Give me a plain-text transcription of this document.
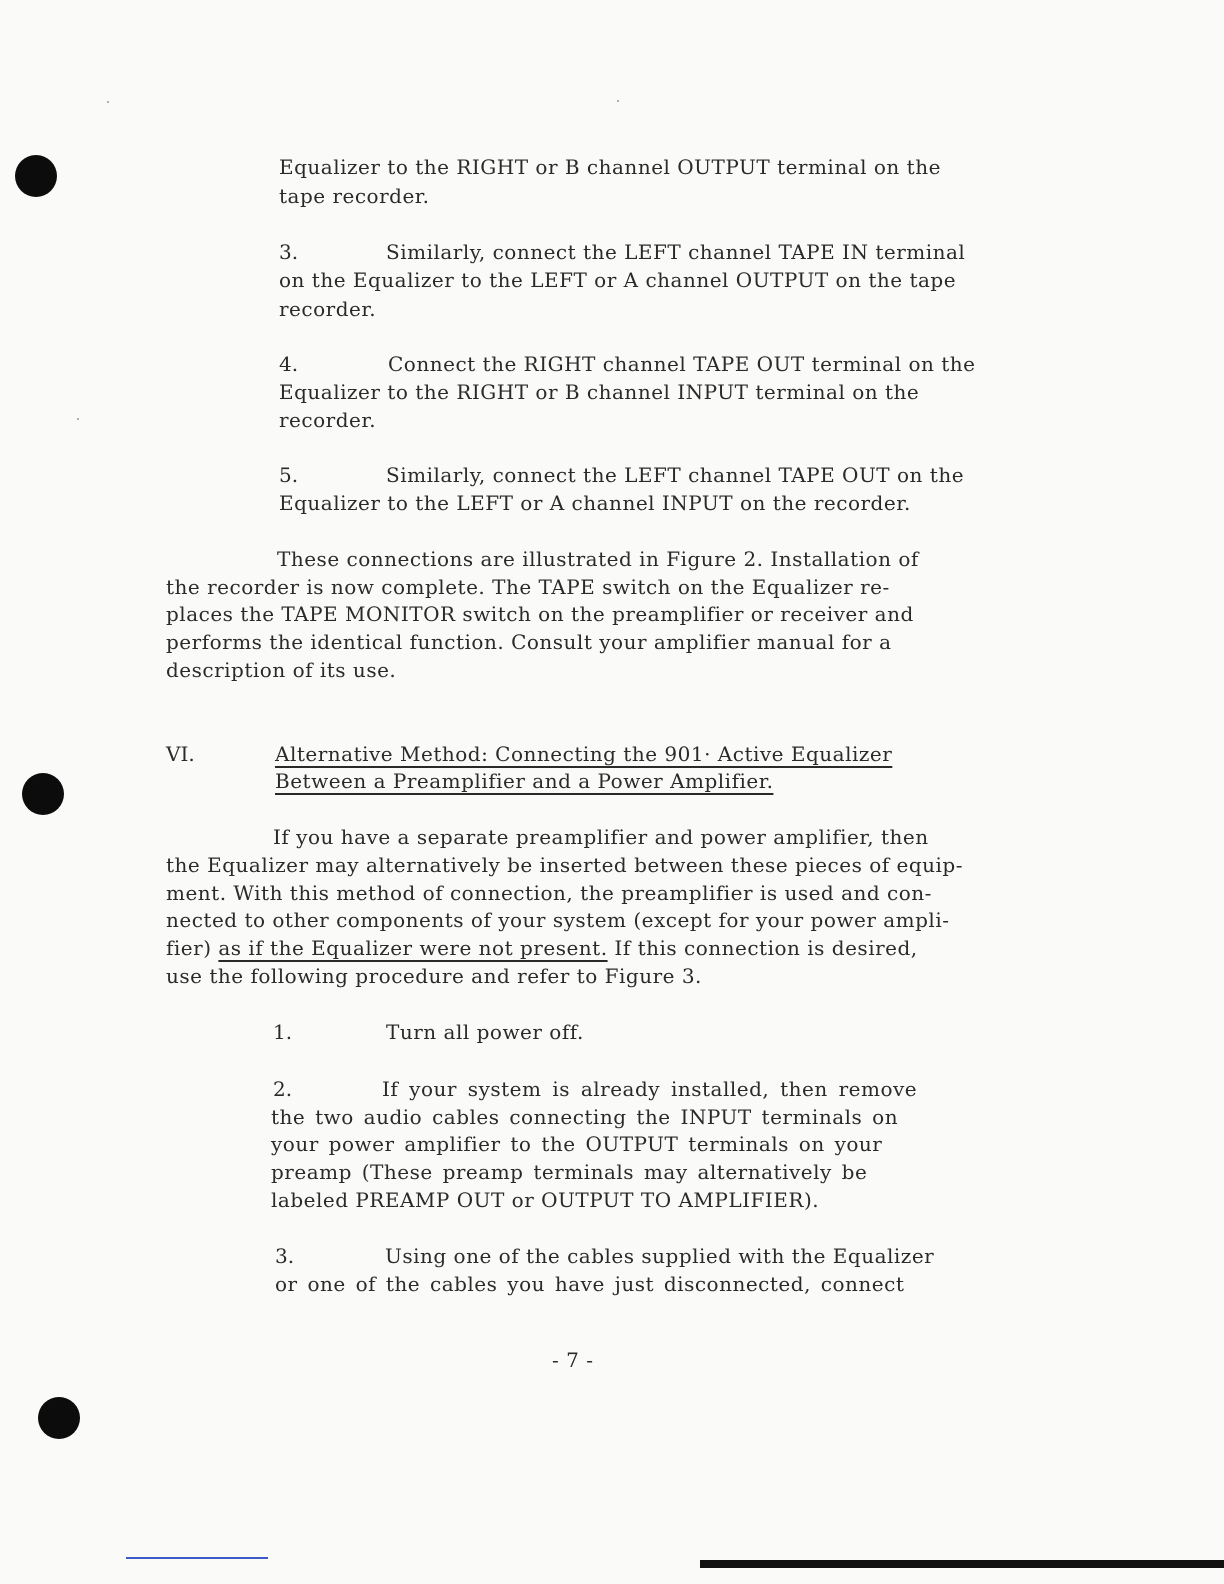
Equalizer to the RIGHT or B channel OUTPUT terminal on the
tape recorder.
3.	Similarly, connect the LEFT channel TAPE IN terminal
on the Equalizer to the LEFT or A channel OUTPUT on the tape
recorder.
4.	Connect the RIGHT channel TAPE OUT terminal on the
Equalizer to the RIGHT or B channel INPUT terminal on the
recorder.
5.	Similarly, connect the LEFT channel TAPE OUT on the
Equalizer to the LEFT or A channel INPUT on the recorder.
These connections are illustrated in Figure 2. Installation of
the recorder is now complete. The TAPE switch on the Equalizer re-
places the TAPE MONITOR switch on the preamplifier or receiver and
performs the identical function. Consult your amplifier manual for a
description of its use.
VI.	Alternative Method: Connecting the 901· Active Equalizer
Between a Preamplifier and a Power Amplifier.
If you have a separate preamplifier and power amplifier, then
the Equalizer may alternatively be inserted between these pieces of equip-
ment. With this method of connection, the preamplifier is used and con-
nected to other components of your system (except for your power ampli-
fier) as if the Equalizer were not present. If this connection is desired,
use the following procedure and refer to Figure 3.
1.	Turn all power off.
2.	If your system is already installed, then remove
the two audio cables connecting the INPUT terminals on
your power amplifier to the OUTPUT terminals on your
preamp (These preamp terminals may alternatively be
labeled PREAMP OUT or OUTPUT TO AMPLIFIER).
3.	Using one of the cables supplied with the Equalizer
or one of the cables you have just disconnected, connect
- 7 -
